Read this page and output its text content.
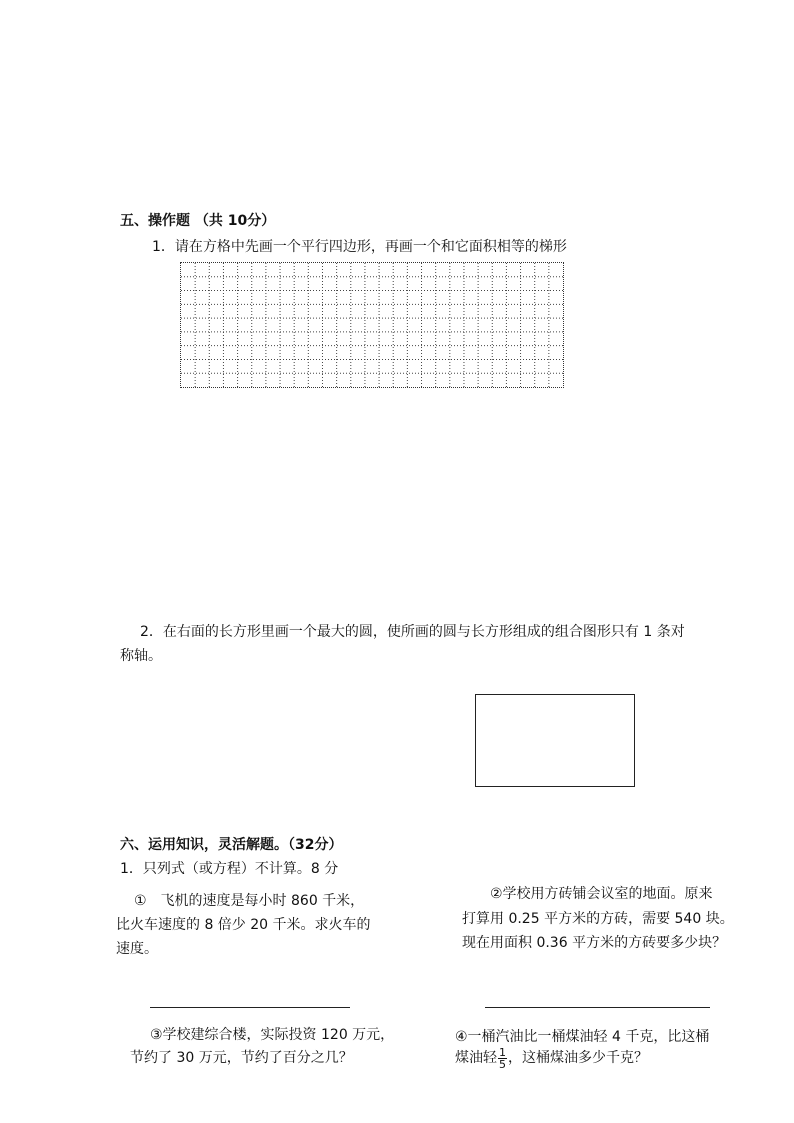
五、操作题 （共 10分）
1．请在方格中先画一个平行四边形，再画一个和它面积相等的梯形
2．在右面的长方形里画一个最大的圆，使所画的圆与长方形组成的组合图形只有 1 条对
称轴。
六、运用知识，灵活解题。（32分）
1．只列式（或方程）不计算。8 分
①　飞机的速度是每小时 860 千米，
比火车速度的 8 倍少 20 千米。求火车的
速度。
②学校用方砖铺会议室的地面。原来
打算用 0.25 平方米的方砖，需要 540 块。
现在用面积 0.36 平方米的方砖要多少块？
③学校建综合楼，实际投资 120 万元，
节约了 30 万元，节约了百分之几？
④一桶汽油比一桶煤油轻 4 千克，比这桶
煤油轻 $\frac{1}{5}$ ，这桶煤油多少千克？
